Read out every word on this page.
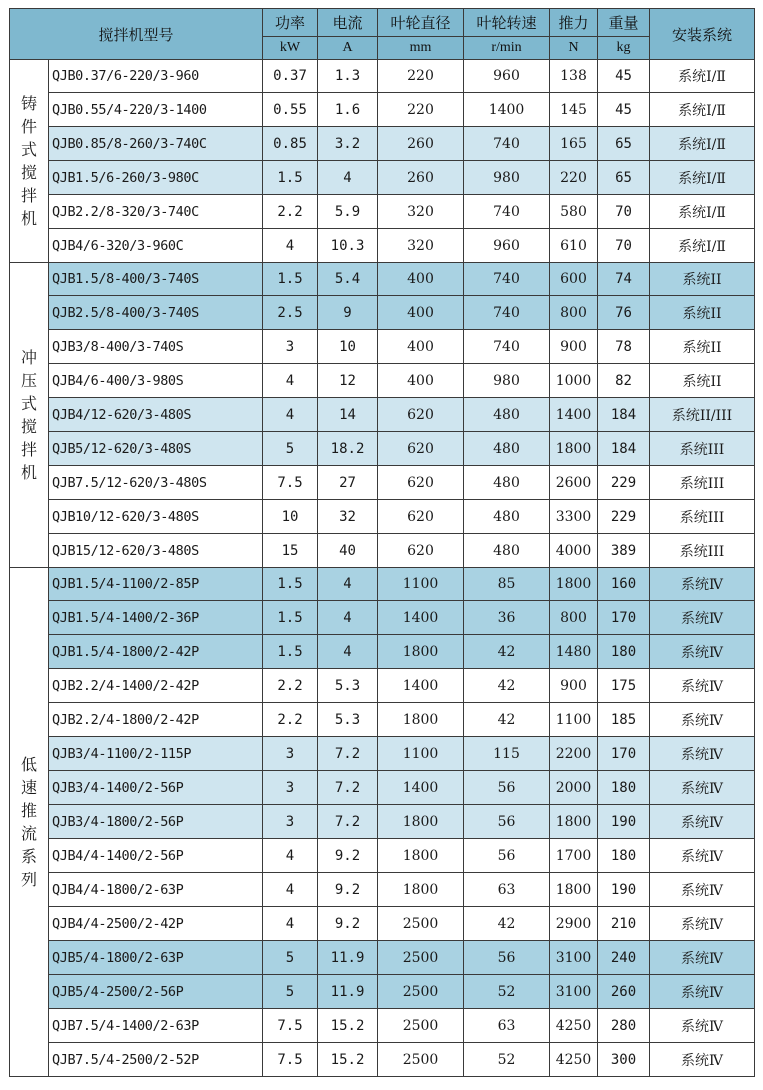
搅拌机型号		功率	电流	叶轮直径	叶轮转速	推力	重量	安装系统
		kW	A	mm	r/min	N	kg	
铸件式搅拌机	QJB0.37/6-220/3-960	0.37	1.3	220	960	138	45	系统Ⅰ/Ⅱ
	QJB0.55/4-220/3-1400	0.55	1.6	220	1400	145	45	系统Ⅰ/Ⅱ
	QJB0.85/8-260/3-740C	0.85	3.2	260	740	165	65	系统Ⅰ/Ⅱ
	QJB1.5/6-260/3-980C	1.5	4	260	980	220	65	系统Ⅰ/Ⅱ
	QJB2.2/8-320/3-740C	2.2	5.9	320	740	580	70	系统Ⅰ/Ⅱ
	QJB4/6-320/3-960C	4	10.3	320	960	610	70	系统Ⅰ/Ⅱ
冲压式搅拌机	QJB1.5/8-400/3-740S	1.5	5.4	400	740	600	74	系统II
	QJB2.5/8-400/3-740S	2.5	9	400	740	800	76	系统II
	QJB3/8-400/3-740S	3	10	400	740	900	78	系统II
	QJB4/6-400/3-980S	4	12	400	980	1000	82	系统II
	QJB4/12-620/3-480S	4	14	620	480	1400	184	系统II/III
	QJB5/12-620/3-480S	5	18.2	620	480	1800	184	系统III
	QJB7.5/12-620/3-480S	7.5	27	620	480	2600	229	系统III
	QJB10/12-620/3-480S	10	32	620	480	3300	229	系统III
	QJB15/12-620/3-480S	15	40	620	480	4000	389	系统III
低速推流系列	QJB1.5/4-1100/2-85P	1.5	4	1100	85	1800	160	系统Ⅳ
	QJB1.5/4-1400/2-36P	1.5	4	1400	36	800	170	系统Ⅳ
	QJB1.5/4-1800/2-42P	1.5	4	1800	42	1480	180	系统Ⅳ
	QJB2.2/4-1400/2-42P	2.2	5.3	1400	42	900	175	系统Ⅳ
	QJB2.2/4-1800/2-42P	2.2	5.3	1800	42	1100	185	系统Ⅳ
	QJB3/4-1100/2-115P	3	7.2	1100	115	2200	170	系统Ⅳ
	QJB3/4-1400/2-56P	3	7.2	1400	56	2000	180	系统Ⅳ
	QJB3/4-1800/2-56P	3	7.2	1800	56	1800	190	系统Ⅳ
	QJB4/4-1400/2-56P	4	9.2	1800	56	1700	180	系统Ⅳ
	QJB4/4-1800/2-63P	4	9.2	1800	63	1800	190	系统Ⅳ
	QJB4/4-2500/2-42P	4	9.2	2500	42	2900	210	系统Ⅳ
	QJB5/4-1800/2-63P	5	11.9	2500	56	3100	240	系统Ⅳ
	QJB5/4-2500/2-56P	5	11.9	2500	52	3100	260	系统Ⅳ
	QJB7.5/4-1400/2-63P	7.5	15.2	2500	63	4250	280	系统Ⅳ
	QJB7.5/4-2500/2-52P	7.5	15.2	2500	52	4250	300	系统Ⅳ
